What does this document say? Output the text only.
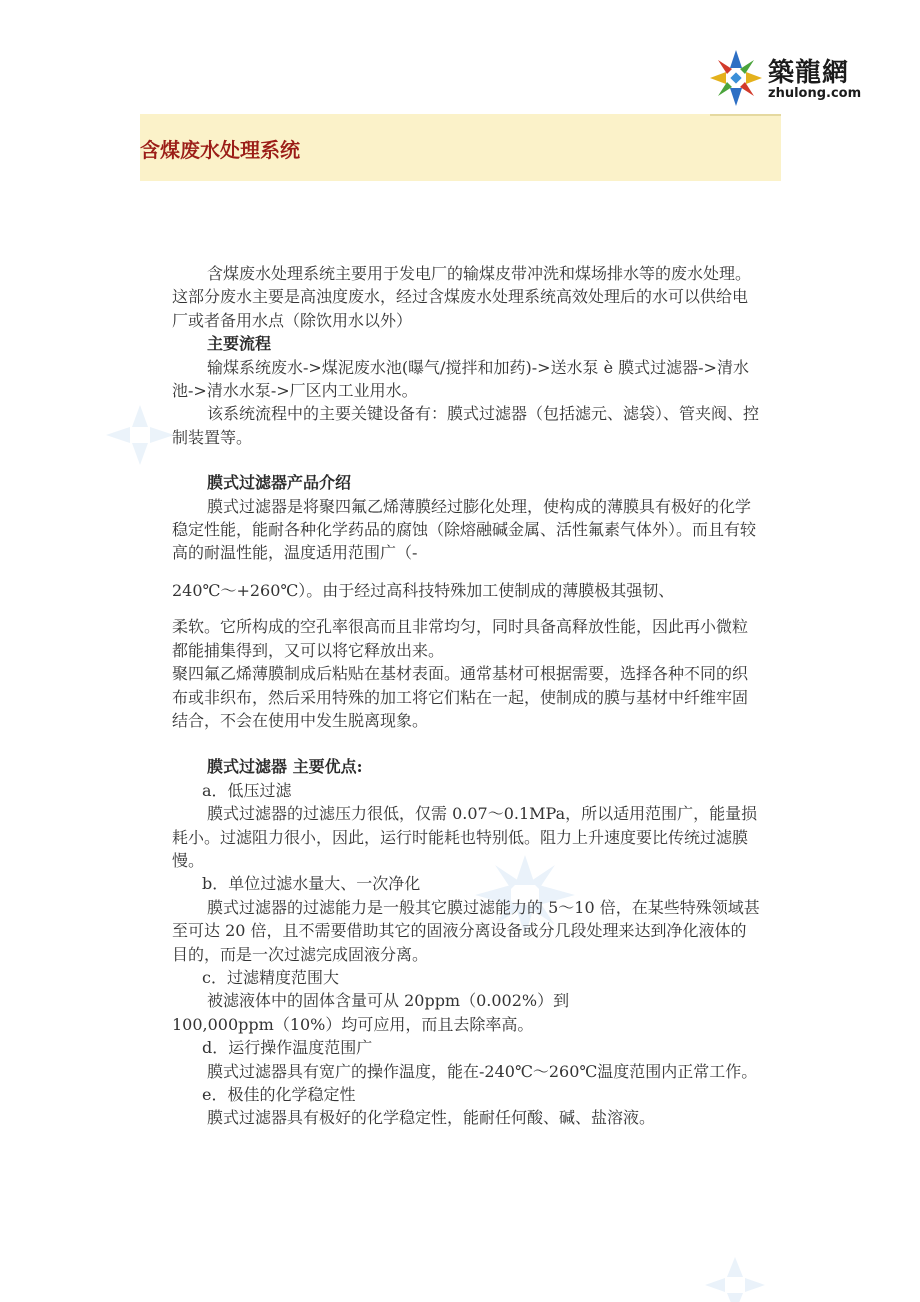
築龍網
zhulong.com
含煤废水处理系统

含煤废水处理系统主要用于发电厂的输煤皮带冲洗和煤场排水等的废水处理。这部分废水主要是高浊度废水，经过含煤废水处理系统高效处理后的水可以供给电厂或者备用水点（除饮用水以外）

主要流程

输煤系统废水->煤泥废水池(曝气/搅拌和加药)->送水泵 è 膜式过滤器->清水池->清水水泵->厂区内工业用水。

该系统流程中的主要关键设备有：膜式过滤器（包括滤元、滤袋）、管夹阀、控制装置等。

膜式过滤器产品介绍

膜式过滤器是将聚四氟乙烯薄膜经过膨化处理，使构成的薄膜具有极好的化学稳定性能，能耐各种化学药品的腐蚀（除熔融碱金属、活性氟素气体外）。而且有较高的耐温性能，温度适用范围广（-

240℃～+260℃）。由于经过高科技特殊加工使制成的薄膜极其强韧、

柔软。它所构成的空孔率很高而且非常均匀，同时具备高释放性能，因此再小微粒都能捕集得到，又可以将它释放出来。

聚四氟乙烯薄膜制成后粘贴在基材表面。通常基材可根据需要，选择各种不同的织布或非织布，然后采用特殊的加工将它们粘在一起，使制成的膜与基材中纤维牢固结合，不会在使用中发生脱离现象。

膜式过滤器 主要优点:

a．低压过滤

膜式过滤器的过滤压力很低，仅需 0.07～0.1MPa，所以适用范围广，能量损耗小。过滤阻力很小，因此，运行时能耗也特别低。阻力上升速度要比传统过滤膜慢。

b．单位过滤水量大、一次净化

膜式过滤器的过滤能力是一般其它膜过滤能力的 5～10 倍，在某些特殊领域甚至可达 20 倍，且不需要借助其它的固液分离设备或分几段处理来达到净化液体的目的，而是一次过滤完成固液分离。

c．过滤精度范围大

被滤液体中的固体含量可从 20ppm（0.002%）到

100,000ppm（10%）均可应用，而且去除率高。

d．运行操作温度范围广

膜式过滤器具有宽广的操作温度，能在-240℃～260℃温度范围内正常工作。

e．极佳的化学稳定性

膜式过滤器具有极好的化学稳定性，能耐任何酸、碱、盐溶液。
